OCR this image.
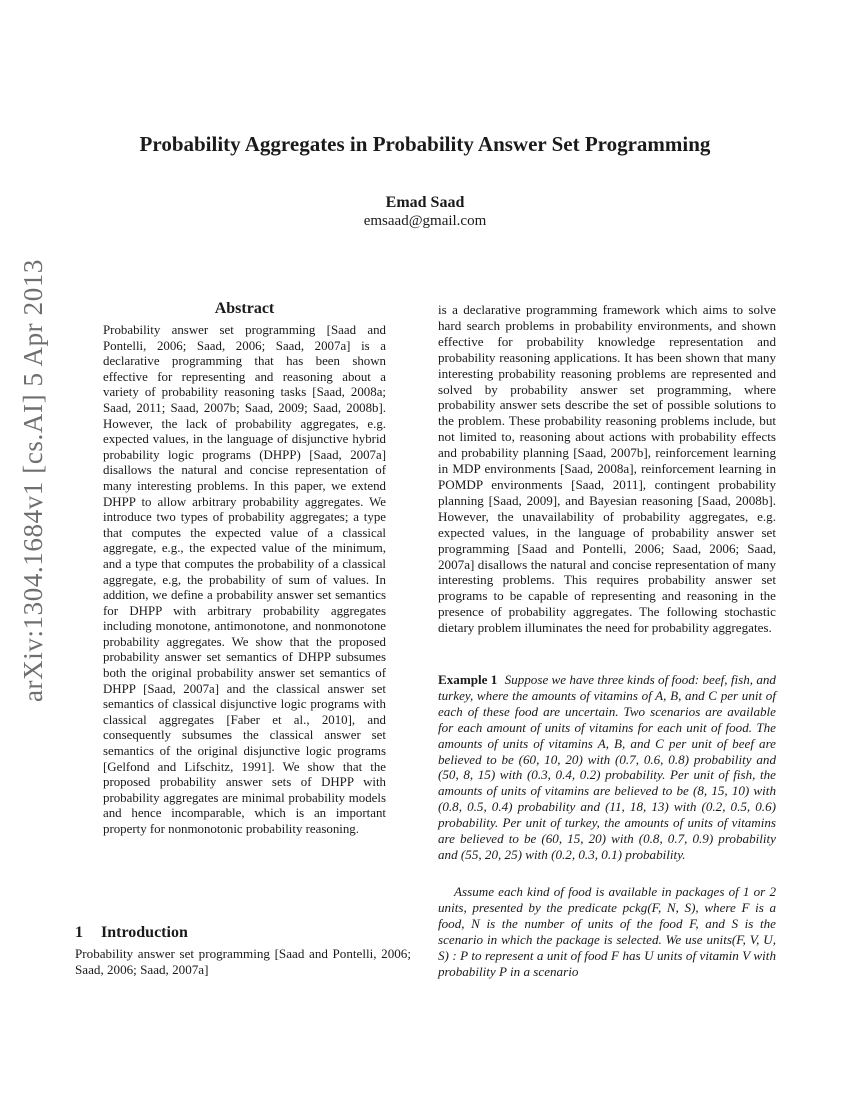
arXiv:1304.1684v1 [cs.AI] 5 Apr 2013
Probability Aggregates in Probability Answer Set Programming
Emad Saad
emsaad@gmail.com
Abstract

Probability answer set programming [Saad and Pontelli, 2006; Saad, 2006; Saad, 2007a] is a declarative programming that has been shown effective for representing and reasoning about a variety of probability reasoning tasks [Saad, 2008a; Saad, 2011; Saad, 2007b; Saad, 2009; Saad, 2008b]. However, the lack of probability aggregates, e.g. expected values, in the language of disjunctive hybrid probability logic programs (DHPP) [Saad, 2007a] disallows the natural and concise representation of many interesting problems. In this paper, we extend DHPP to allow arbitrary probability aggregates. We introduce two types of probability aggregates; a type that computes the expected value of a classical aggregate, e.g., the expected value of the minimum, and a type that computes the probability of a classical aggregate, e.g, the probability of sum of values. In addition, we define a probability answer set semantics for DHPP with arbitrary probability aggregates including monotone, antimonotone, and nonmonotone probability aggregates. We show that the proposed probability answer set semantics of DHPP subsumes both the original probability answer set semantics of DHPP [Saad, 2007a] and the classical answer set semantics of classical disjunctive logic programs with classical aggregates [Faber et al., 2010], and consequently subsumes the classical answer set semantics of the original disjunctive logic programs [Gelfond and Lifschitz, 1991]. We show that the proposed probability answer sets of DHPP with probability aggregates are minimal probability models and hence incomparable, which is an important property for nonmonotonic probability reasoning.

1 Introduction

Probability answer set programming [Saad and Pontelli, 2006; Saad, 2006; Saad, 2007a]

is a declarative programming framework which aims to solve hard search problems in probability environments, and shown effective for probability knowledge representation and probability reasoning applications. It has been shown that many interesting probability reasoning problems are represented and solved by probability answer set programming, where probability answer sets describe the set of possible solutions to the problem. These probability reasoning problems include, but not limited to, reasoning about actions with probability effects and probability planning [Saad, 2007b], reinforcement learning in MDP environments [Saad, 2008a], reinforcement learning in POMDP environments [Saad, 2011], contingent probability planning [Saad, 2009], and Bayesian reasoning [Saad, 2008b]. However, the unavailability of probability aggregates, e.g. expected values, in the language of probability answer set programming [Saad and Pontelli, 2006; Saad, 2006; Saad, 2007a] disallows the natural and concise representation of many interesting problems. This requires probability answer set programs to be capable of representing and reasoning in the presence of probability aggregates. The following stochastic dietary problem illuminates the need for probability aggregates.

Example 1 Suppose we have three kinds of food: beef, fish, and turkey, where the amounts of vitamins of A, B, and C per unit of each of these food are uncertain. Two scenarios are available for each amount of units of vitamins for each unit of food. The amounts of units of vitamins A, B, and C per unit of beef are believed to be (60, 10, 20) with (0.7, 0.6, 0.8) probability and (50, 8, 15) with (0.3, 0.4, 0.2) probability. Per unit of fish, the amounts of units of vitamins are believed to be (8, 15, 10) with (0.8, 0.5, 0.4) probability and (11, 18, 13) with (0.2, 0.5, 0.6) probability. Per unit of turkey, the amounts of units of vitamins are believed to be (60, 15, 20) with (0.8, 0.7, 0.9) probability and (55, 20, 25) with (0.2, 0.3, 0.1) probability.

Assume each kind of food is available in packages of 1 or 2 units, presented by the predicate pckg(F, N, S), where F is a food, N is the number of units of the food F, and S is the scenario in which the package is selected. We use units(F, V, U, S) : P to represent a unit of food F has U units of vitamin V with probability P in a scenario
